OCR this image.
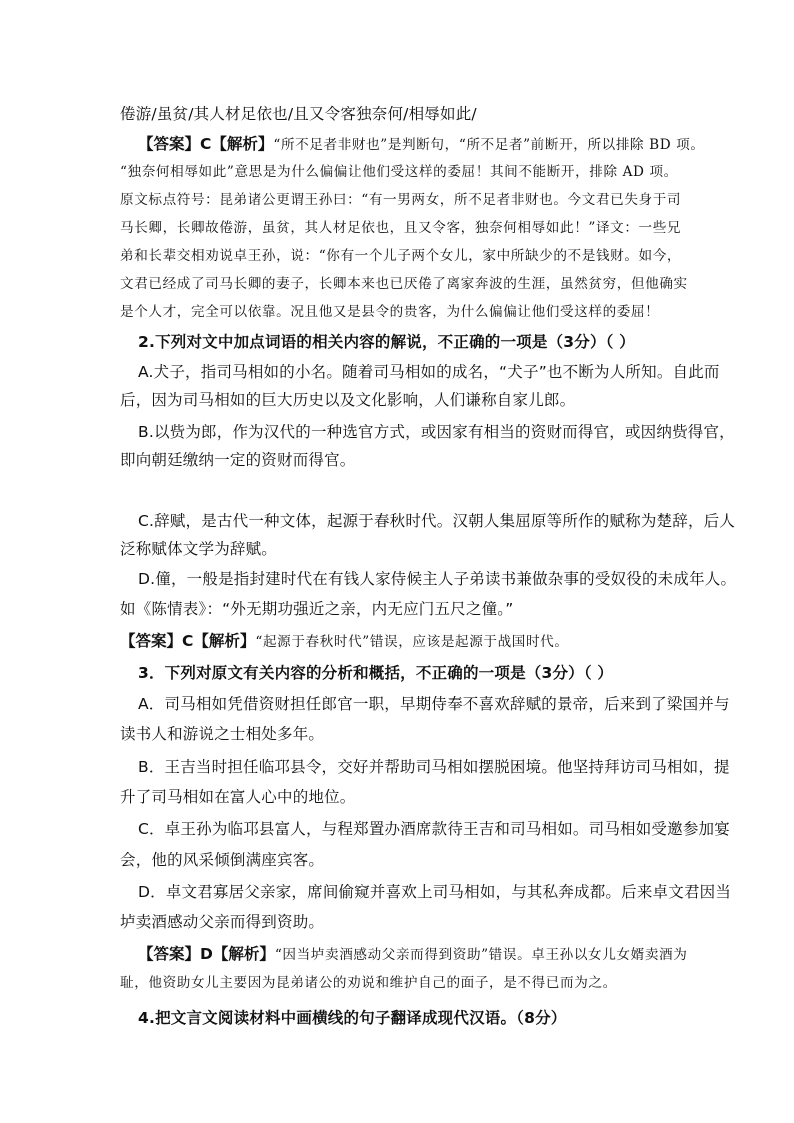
倦游/虽贫/其人材足依也/且又令客独奈何/相辱如此/
【答案】C【解析】“所不足者非财也”是判断句，“所不足者”前断开，所以排除 BD 项。
“独奈何相辱如此”意思是为什么偏偏让他们受这样的委屈！其间不能断开，排除 AD 项。
原文标点符号：昆弟诸公更谓王孙曰：“有一男两女，所不足者非财也。今文君已失身于司
马长卿，长卿故倦游，虽贫，其人材足依也，且又令客，独奈何相辱如此！”译文：一些兄
弟和长辈交相劝说卓王孙，说：“你有一个儿子两个女儿，家中所缺少的不是钱财。如今，
文君已经成了司马长卿的妻子，长卿本来也已厌倦了离家奔波的生涯，虽然贫穷，但他确实
是个人才，完全可以依靠。况且他又是县令的贵客，为什么偏偏让他们受这样的委屈！
2.下列对文中加点词语的相关内容的解说，不正确的一项是（3分）（ ）
A.犬子，指司马相如的小名。随着司马相如的成名，“犬子”也不断为人所知。自此而
后，因为司马相如的巨大历史以及文化影响，人们谦称自家儿郎。
B.以赀为郎，作为汉代的一种选官方式，或因家有相当的资财而得官，或因纳赀得官，
即向朝廷缴纳一定的资财而得官。
C.辞赋，是古代一种文体，起源于春秋时代。汉朝人集屈原等所作的赋称为楚辞，后人
泛称赋体文学为辞赋。
D.僮，一般是指封建时代在有钱人家侍候主人子弟读书兼做杂事的受奴役的未成年人。
如《陈情表》：“外无期功强近之亲，内无应门五尺之僮。”
【答案】C【解析】“起源于春秋时代”错误，应该是起源于战国时代。
3．下列对原文有关内容的分析和概括，不正确的一项是（3分）（ ）
A．司马相如凭借资财担任郎官一职，早期侍奉不喜欢辞赋的景帝，后来到了梁国并与
读书人和游说之士相处多年。
B．王吉当时担任临邛县令，交好并帮助司马相如摆脱困境。他坚持拜访司马相如，提
升了司马相如在富人心中的地位。
C．卓王孙为临邛县富人，与程郑置办酒席款待王吉和司马相如。司马相如受邀参加宴
会，他的风采倾倒满座宾客。
D．卓文君寡居父亲家，席间偷窥并喜欢上司马相如，与其私奔成都。后来卓文君因当
垆卖酒感动父亲而得到资助。
【答案】D【解析】“因当垆卖酒感动父亲而得到资助”错误。卓王孙以女儿女婿卖酒为
耻，他资助女儿主要因为昆弟诸公的劝说和维护自己的面子，是不得已而为之。
4.把文言文阅读材料中画横线的句子翻译成现代汉语。（8分）
